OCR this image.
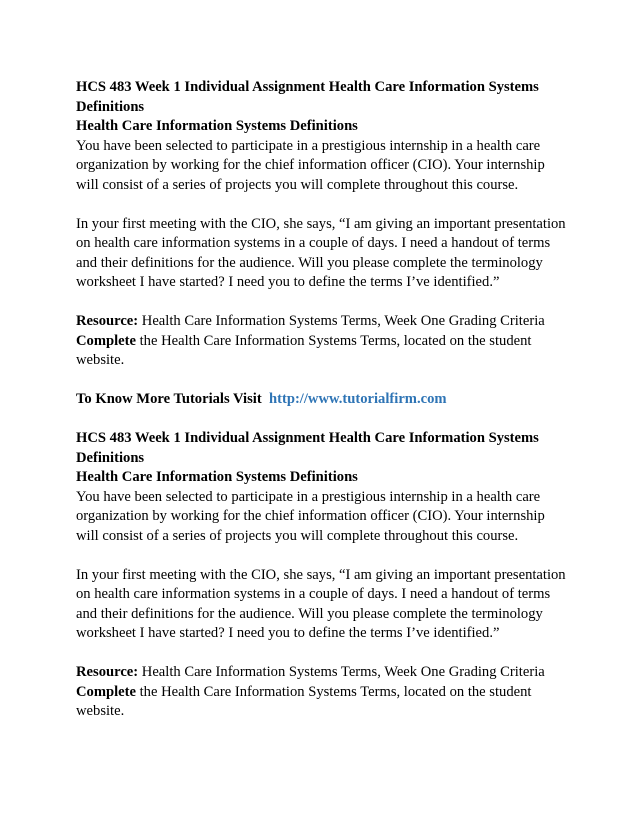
HCS 483 Week 1 Individual Assignment Health Care Information Systems Definitions
Health Care Information Systems Definitions

You have been selected to participate in a prestigious internship in a health care organization by working for the chief information officer (CIO). Your internship will consist of a series of projects you will complete throughout this course.

In your first meeting with the CIO, she says, “I am giving an important presentation on health care information systems in a couple of days. I need a handout of terms and their definitions for the audience. Will you please complete the terminology worksheet I have started? I need you to define the terms I’ve identified.”

Resource: Health Care Information Systems Terms, Week One Grading Criteria

Complete the Health Care Information Systems Terms, located on the student website.

To Know More Tutorials Visit http://www.tutorialfirm.com

HCS 483 Week 1 Individual Assignment Health Care Information Systems Definitions
Health Care Information Systems Definitions

You have been selected to participate in a prestigious internship in a health care organization by working for the chief information officer (CIO). Your internship will consist of a series of projects you will complete throughout this course.

In your first meeting with the CIO, she says, “I am giving an important presentation on health care information systems in a couple of days. I need a handout of terms and their definitions for the audience. Will you please complete the terminology worksheet I have started? I need you to define the terms I’ve identified.”

Resource: Health Care Information Systems Terms, Week One Grading Criteria
Complete the Health Care Information Systems Terms, located on the student website.
